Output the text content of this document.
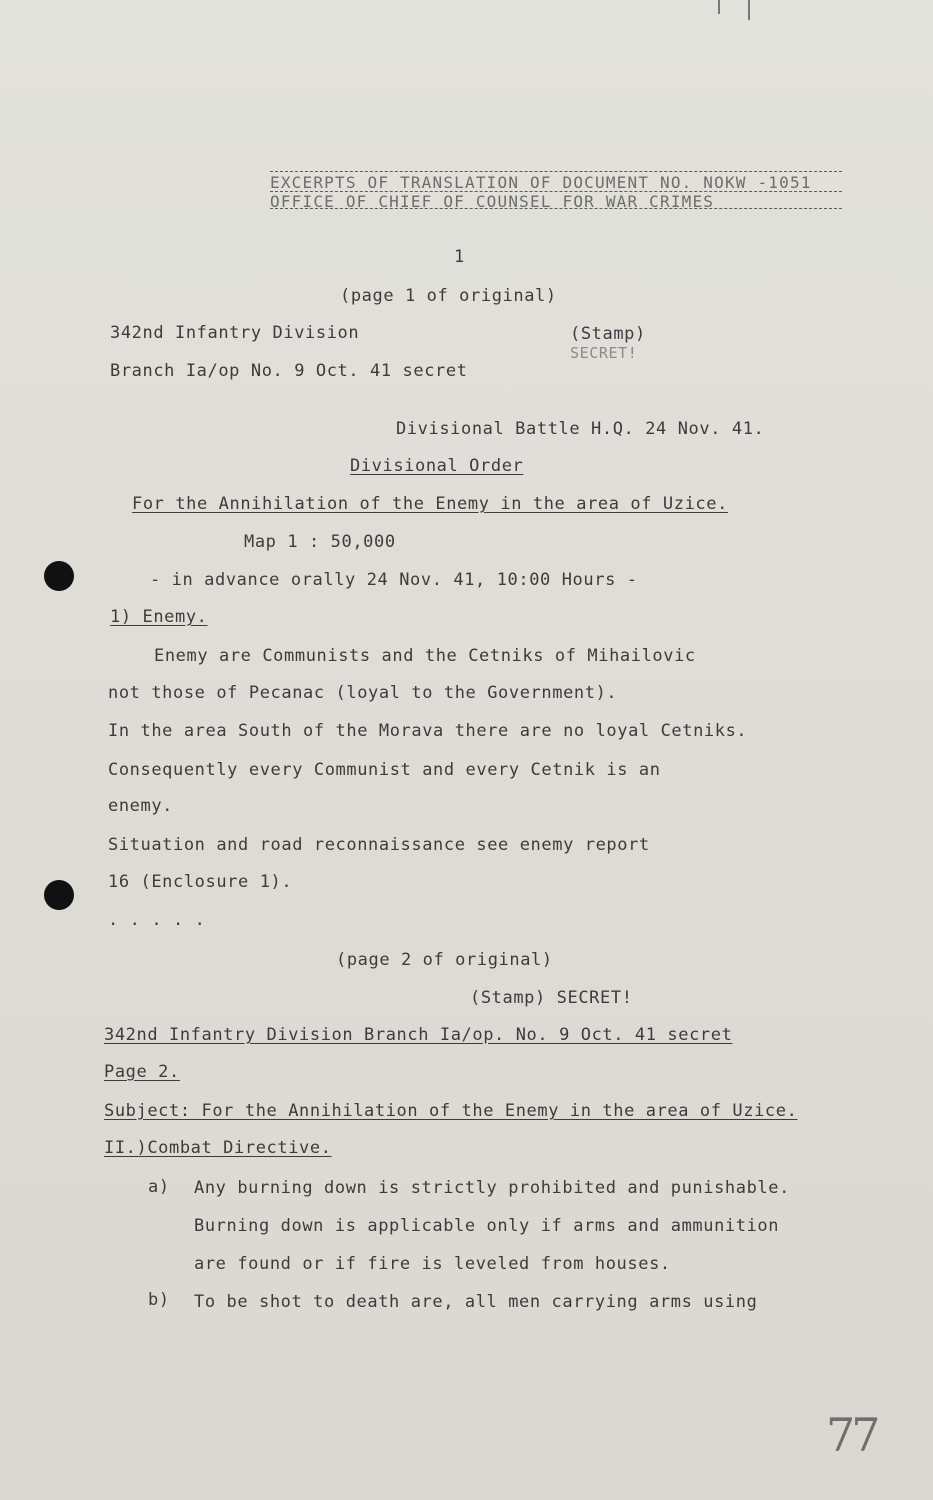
EXCERPTS OF TRANSLATION OF DOCUMENT NO. NOKW -1051
OFFICE OF CHIEF OF COUNSEL FOR WAR CRIMES
1
(page 1 of original)
342nd Infantry Division	(Stamp)
SECRET!
Branch Ia/op No. 9 Oct. 41 secret
Divisional Battle H.Q. 24 Nov. 41.
Divisional Order
For the Annihilation of the Enemy in the area of Uzice.
Map 1 : 50,000
- in advance orally 24 Nov. 41, 10:00 Hours -
1) Enemy.
Enemy are Communists and the Cetniks of Mihailovic
not those of Pecanac (loyal to the Government).
In the area South of the Morava there are no loyal Cetniks.
Consequently every Communist and every Cetnik is an
enemy.
Situation and road reconnaissance see enemy report
16 (Enclosure 1).
. . . . .
(page 2 of original)
(Stamp) SECRET!
342nd Infantry Division Branch Ia/op. No. 9 Oct. 41 secret
Page 2.
Subject: For the Annihilation of the Enemy in the area of Uzice.
II.)Combat Directive.
a) Any burning down is strictly prohibited and punishable.
Burning down is applicable only if arms and ammunition
are found or if fire is leveled from houses.
b) To be shot to death are, all men carrying arms using
77
